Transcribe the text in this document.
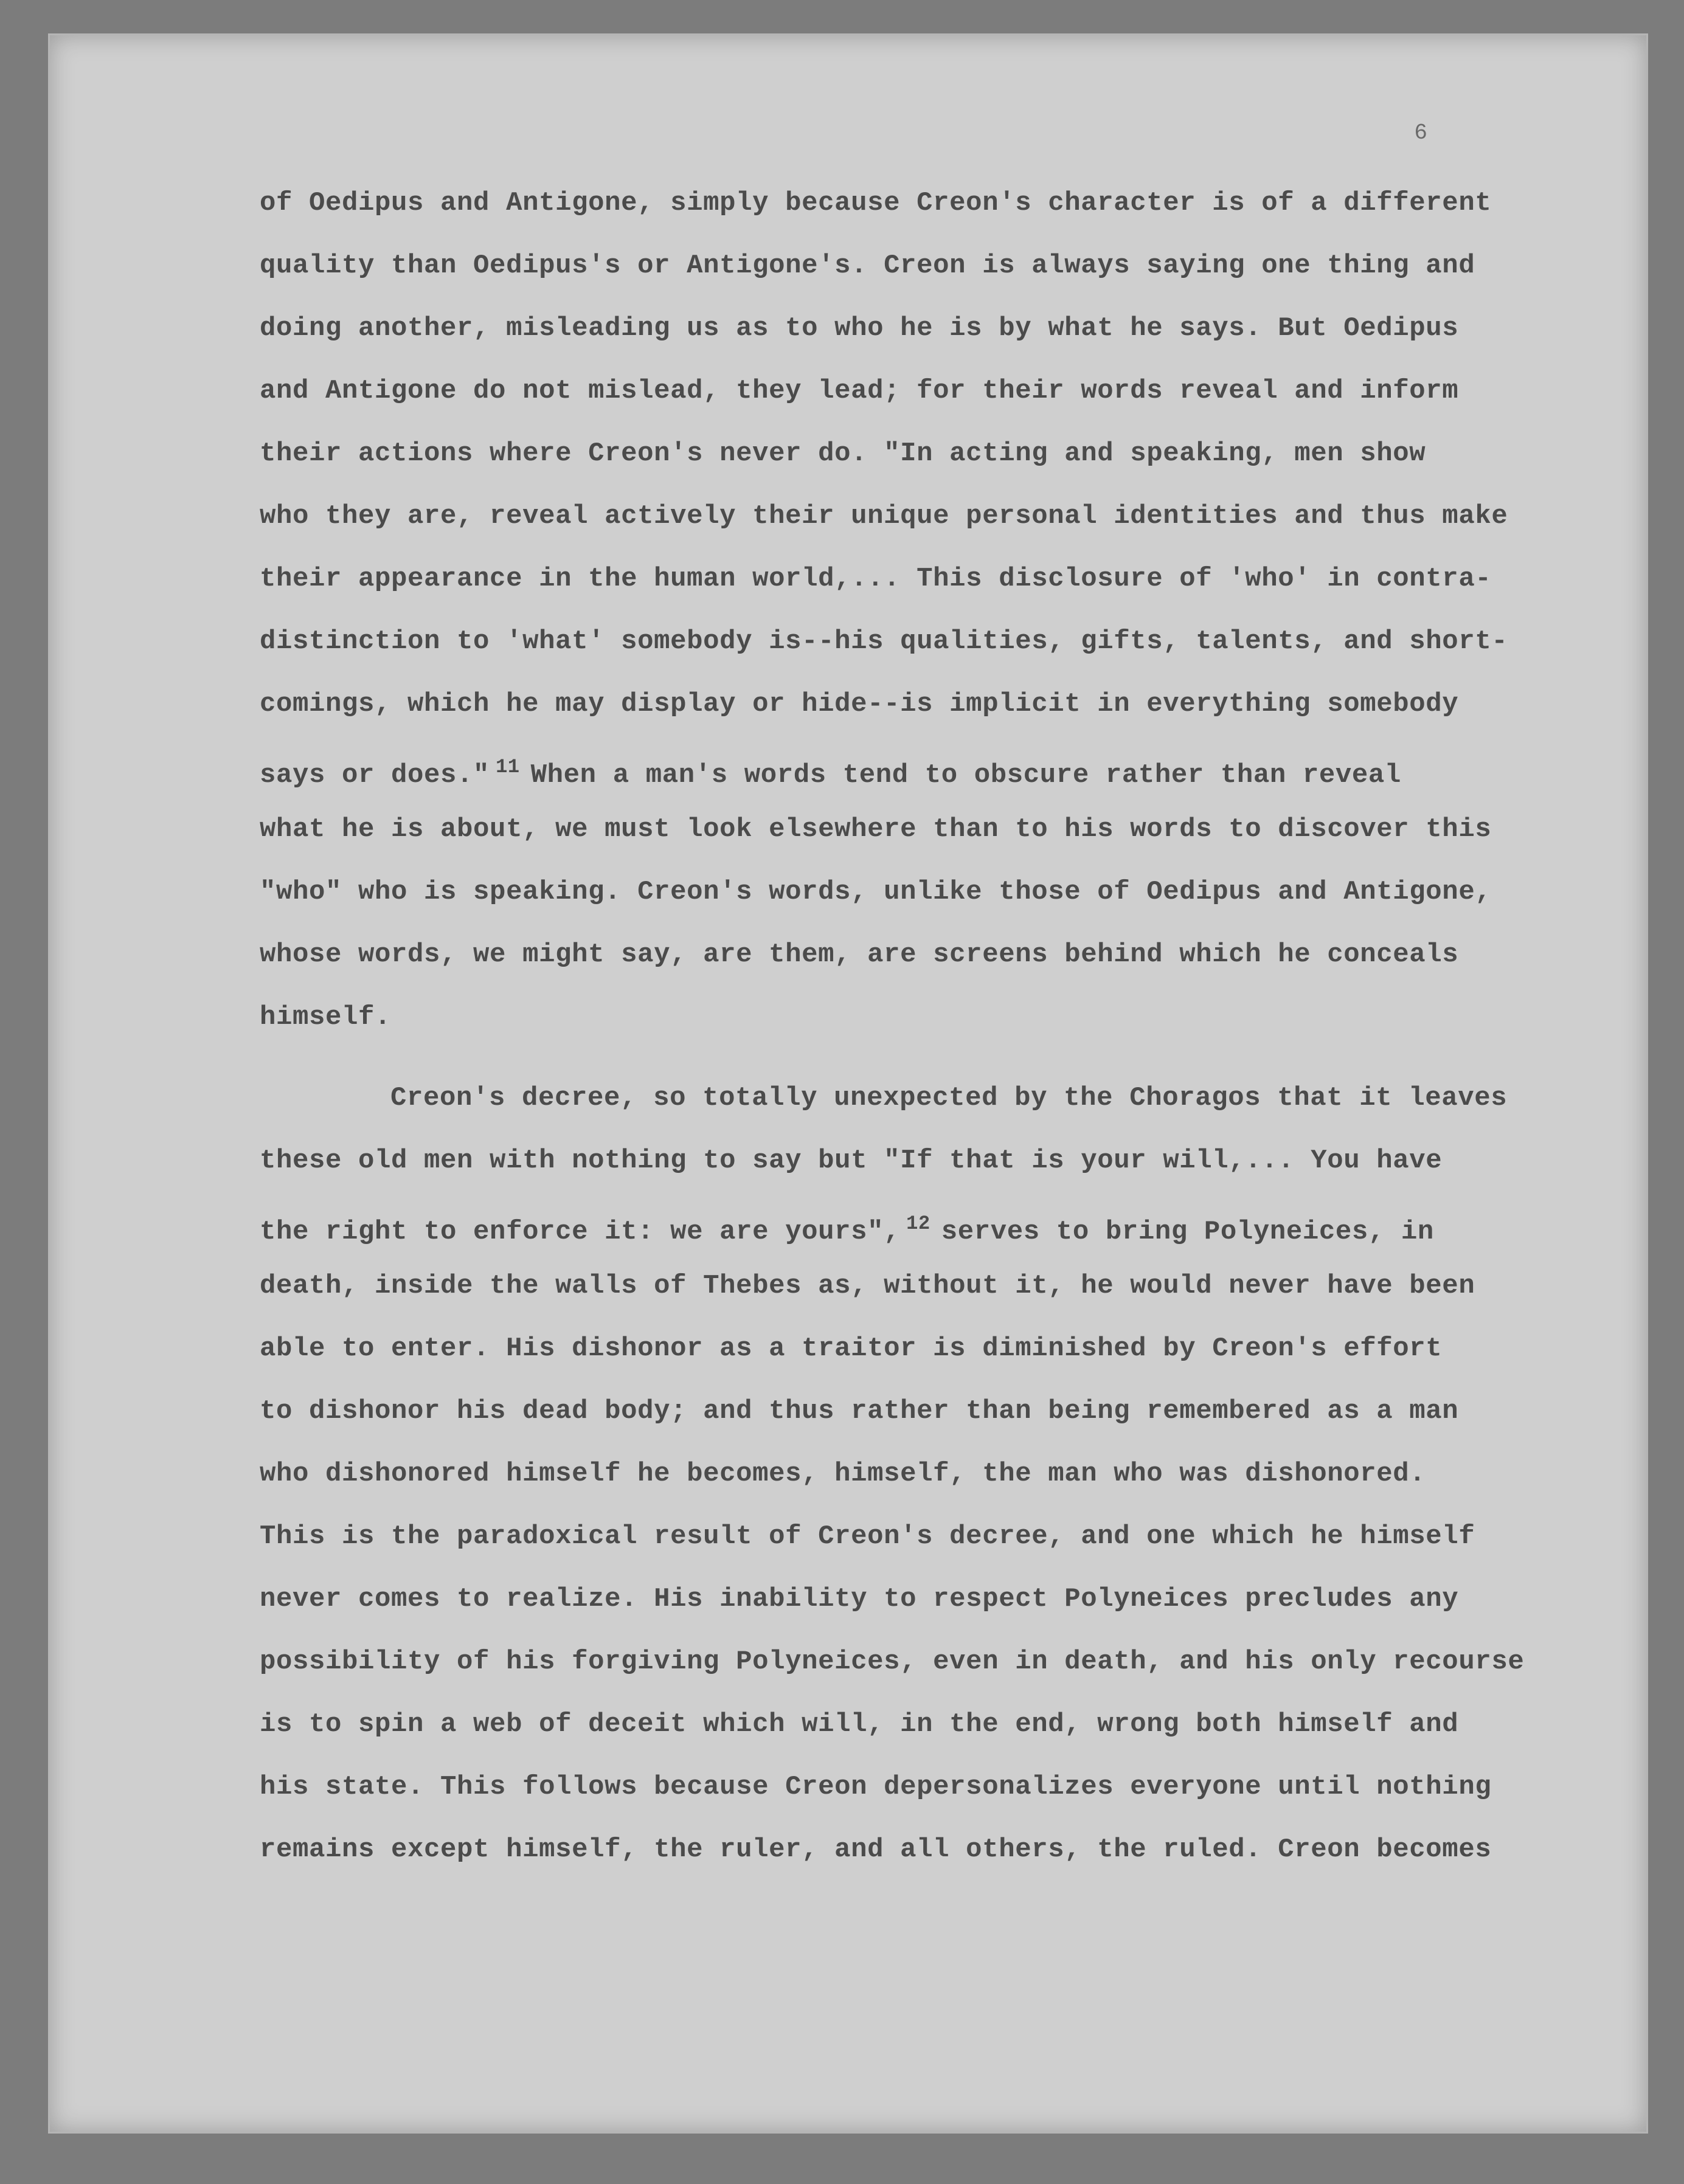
6
of Oedipus and Antigone, simply because Creon's character is of a different
quality than Oedipus's or Antigone's. Creon is always saying one thing and
doing another, misleading us as to who he is by what he says. But Oedipus
and Antigone do not mislead, they lead; for their words reveal and inform
their actions where Creon's never do. "In acting and speaking, men show
who they are, reveal actively their unique personal identities and thus make
their appearance in the human world,... This disclosure of 'who' in contra-
distinction to 'what' somebody is--his qualities, gifts, talents, and short-
comings, which he may display or hide--is implicit in everything somebody
says or does." $^{11}$ When a man's words tend to obscure rather than reveal
what he is about, we must look elsewhere than to his words to discover this
"who" who is speaking. Creon's words, unlike those of Oedipus and Antigone,
whose words, we might say, are them, are screens behind which he conceals
himself.
Creon's decree, so totally unexpected by the Choragos that it leaves
these old men with nothing to say but "If that is your will,... You have
the right to enforce it: we are yours", $^{12}$ serves to bring Polyneices, in
death, inside the walls of Thebes as, without it, he would never have been
able to enter. His dishonor as a traitor is diminished by Creon's effort
to dishonor his dead body; and thus rather than being remembered as a man
who dishonored himself he becomes, himself, the man who was dishonored.
This is the paradoxical result of Creon's decree, and one which he himself
never comes to realize. His inability to respect Polyneices precludes any
possibility of his forgiving Polyneices, even in death, and his only recourse
is to spin a web of deceit which will, in the end, wrong both himself and
his state. This follows because Creon depersonalizes everyone until nothing
remains except himself, the ruler, and all others, the ruled. Creon becomes
